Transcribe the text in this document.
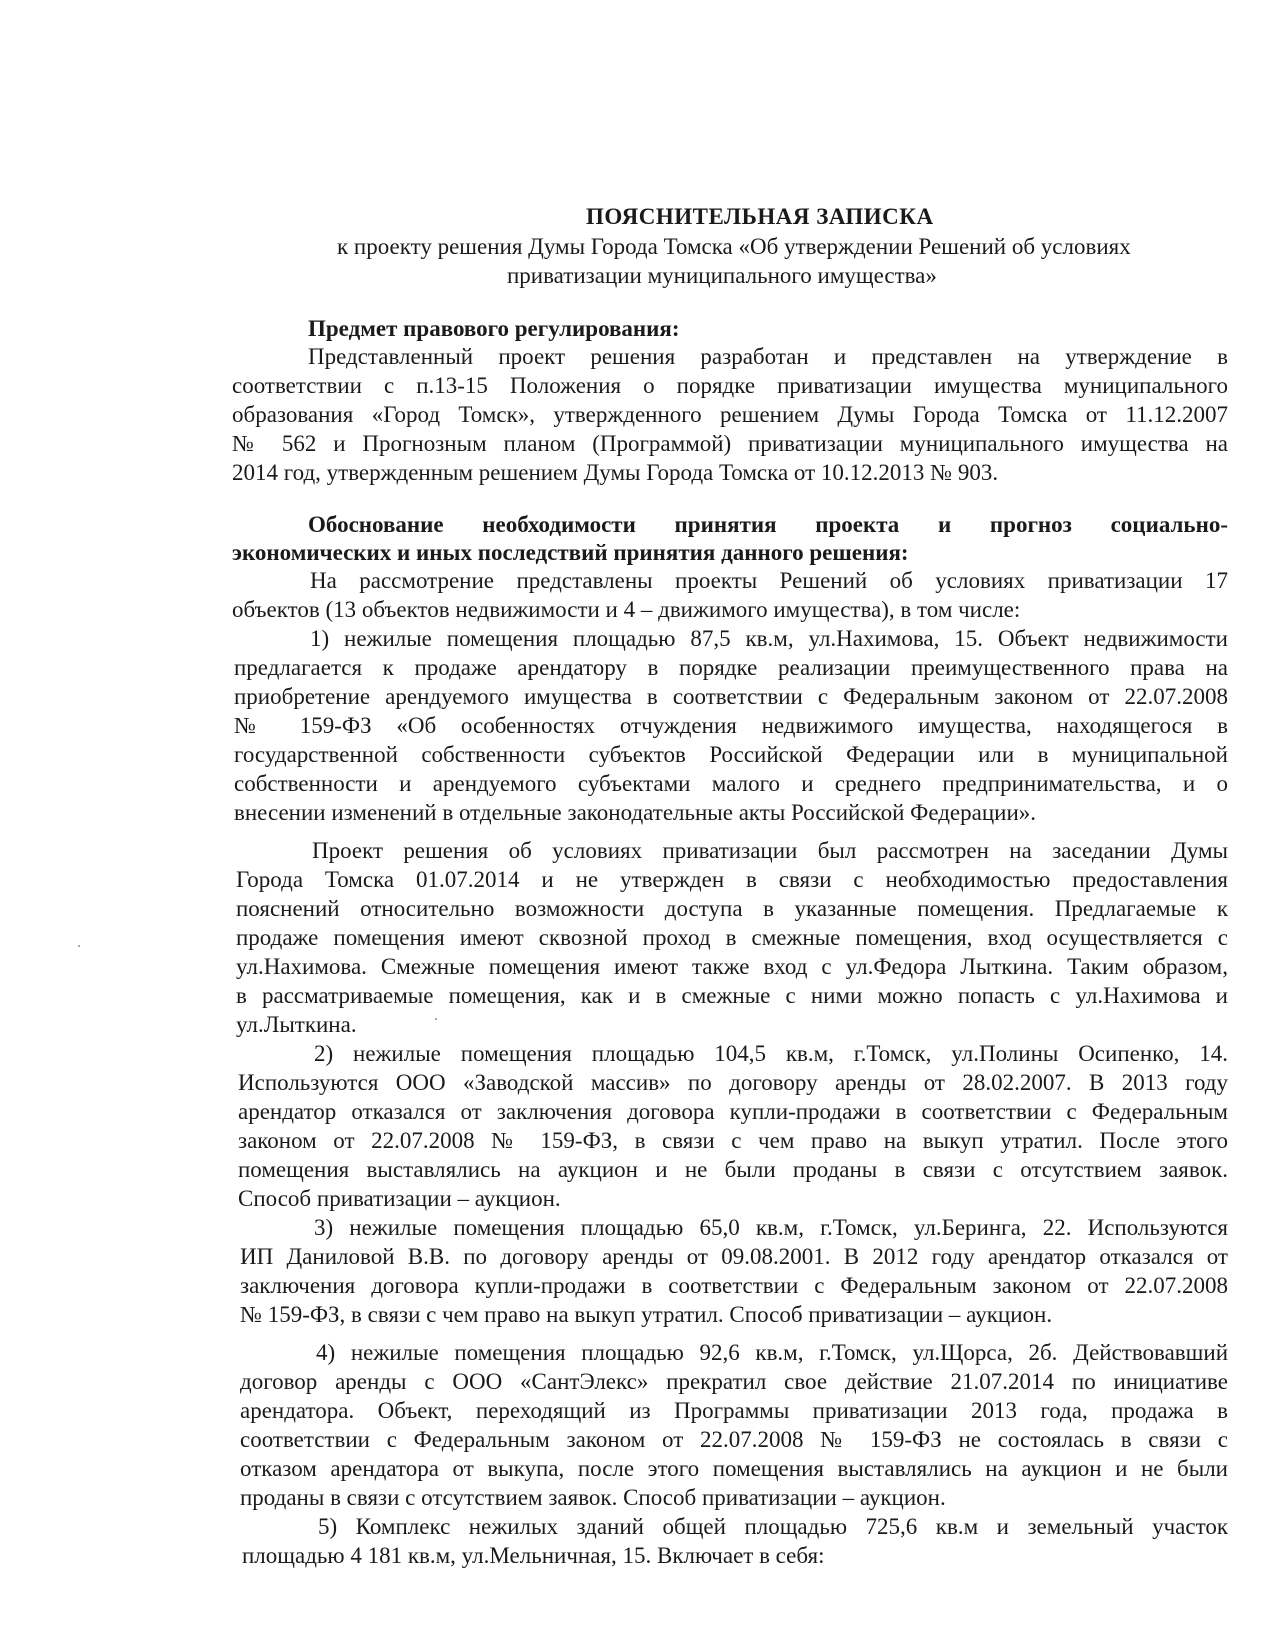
ПОЯСНИТЕЛЬНАЯ ЗАПИСКА
к проекту решения Думы Города Томска «Об утверждении Решений об условиях
приватизации муниципального имущества»
Предмет правового регулирования:
Представленный проект решения разработан и представлен на утверждение в
соответствии с п.13-15 Положения о порядке приватизации имущества муниципального
образования «Город Томск», утвержденного решением Думы Города Томска от 11.12.2007
№ 562 и Прогнозным планом (Программой) приватизации муниципального имущества на
2014 год, утвержденным решением Думы Города Томска от 10.12.2013 № 903.
Обоснование необходимости принятия проекта и прогноз социально-
экономических и иных последствий принятия данного решения:
На рассмотрение представлены проекты Решений об условиях приватизации 17
объектов (13 объектов недвижимости и 4 – движимого имущества), в том числе:
1) нежилые помещения площадью 87,5 кв.м, ул.Нахимова, 15. Объект недвижимости
предлагается к продаже арендатору в порядке реализации преимущественного права на
приобретение арендуемого имущества в соответствии с Федеральным законом от 22.07.2008
№ 159-ФЗ «Об особенностях отчуждения недвижимого имущества, находящегося в
государственной собственности субъектов Российской Федерации или в муниципальной
собственности и арендуемого субъектами малого и среднего предпринимательства, и о
внесении изменений в отдельные законодательные акты Российской Федерации».
Проект решения об условиях приватизации был рассмотрен на заседании Думы
Города Томска 01.07.2014 и не утвержден в связи с необходимостью предоставления
пояснений относительно возможности доступа в указанные помещения. Предлагаемые к
продаже помещения имеют сквозной проход в смежные помещения, вход осуществляется с
ул.Нахимова. Смежные помещения имеют также вход с ул.Федора Лыткина. Таким образом,
в рассматриваемые помещения, как и в смежные с ними можно попасть с ул.Нахимова и
ул.Лыткина.
2) нежилые помещения площадью 104,5 кв.м, г.Томск, ул.Полины Осипенко, 14.
Используются ООО «Заводской массив» по договору аренды от 28.02.2007. В 2013 году
арендатор отказался от заключения договора купли-продажи в соответствии с Федеральным
законом от 22.07.2008 № 159-ФЗ, в связи с чем право на выкуп утратил. После этого
помещения выставлялись на аукцион и не были проданы в связи с отсутствием заявок.
Способ приватизации – аукцион.
3) нежилые помещения площадью 65,0 кв.м, г.Томск, ул.Беринга, 22. Используются
ИП Даниловой В.В. по договору аренды от 09.08.2001. В 2012 году арендатор отказался от
заключения договора купли-продажи в соответствии с Федеральным законом от 22.07.2008
№ 159-ФЗ, в связи с чем право на выкуп утратил. Способ приватизации – аукцион.
4) нежилые помещения площадью 92,6 кв.м, г.Томск, ул.Щорса, 2б. Действовавший
договор аренды с ООО «СантЭлекс» прекратил свое действие 21.07.2014 по инициативе
арендатора. Объект, переходящий из Программы приватизации 2013 года, продажа в
соответствии с Федеральным законом от 22.07.2008 № 159-ФЗ не состоялась в связи с
отказом арендатора от выкупа, после этого помещения выставлялись на аукцион и не были
проданы в связи с отсутствием заявок. Способ приватизации – аукцион.
5) Комплекс нежилых зданий общей площадью 725,6 кв.м и земельный участок
площадью 4 181 кв.м, ул.Мельничная, 15. Включает в себя:
